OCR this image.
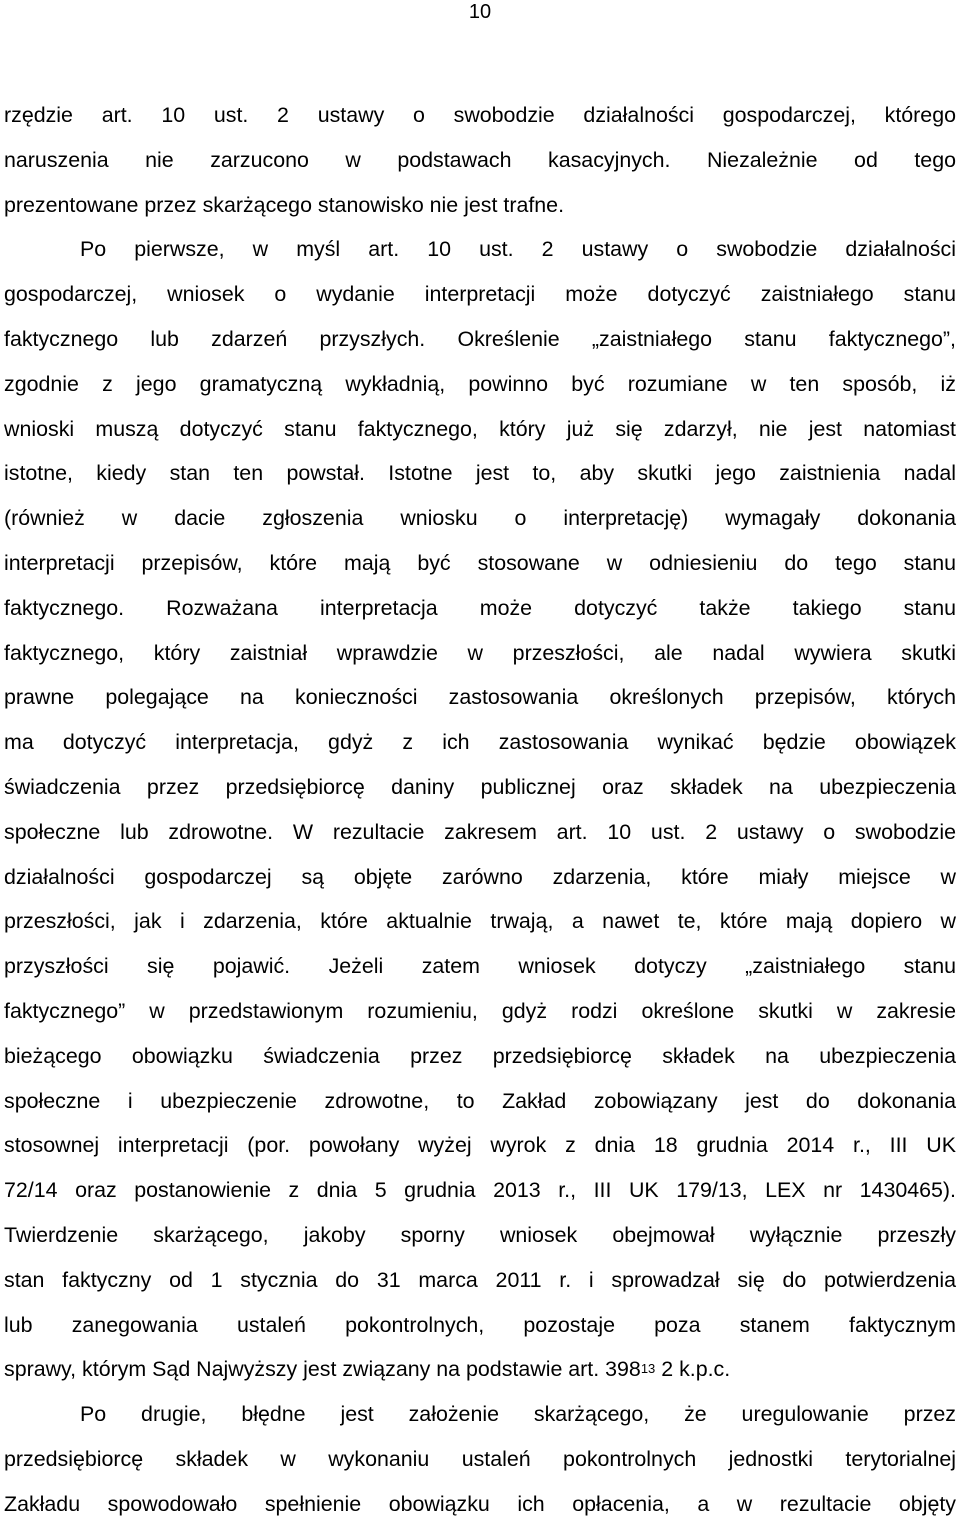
10
rzędzie art. 10 ust. 2 ustawy o swobodzie działalności gospodarczej, którego
naruszenia nie zarzucono w podstawach kasacyjnych. Niezależnie od tego
prezentowane przez skarżącego stanowisko nie jest trafne.
Po pierwsze, w myśl art. 10 ust. 2 ustawy o swobodzie działalności
gospodarczej, wniosek o wydanie interpretacji może dotyczyć zaistniałego stanu
faktycznego lub zdarzeń przyszłych. Określenie „zaistniałego stanu faktycznego”,
zgodnie z jego gramatyczną wykładnią, powinno być rozumiane w ten sposób, iż
wnioski muszą dotyczyć stanu faktycznego, który już się zdarzył, nie jest natomiast
istotne, kiedy stan ten powstał. Istotne jest to, aby skutki jego zaistnienia nadal
(również w dacie zgłoszenia wniosku o interpretację) wymagały dokonania
interpretacji przepisów, które mają być stosowane w odniesieniu do tego stanu
faktycznego. Rozważana interpretacja może dotyczyć także takiego stanu
faktycznego, który zaistniał wprawdzie w przeszłości, ale nadal wywiera skutki
prawne polegające na konieczności zastosowania określonych przepisów, których
ma dotyczyć interpretacja, gdyż z ich zastosowania wynikać będzie obowiązek
świadczenia przez przedsiębiorcę daniny publicznej oraz składek na ubezpieczenia
społeczne lub zdrowotne. W rezultacie zakresem art. 10 ust. 2 ustawy o swobodzie
działalności gospodarczej są objęte zarówno zdarzenia, które miały miejsce w
przeszłości, jak i zdarzenia, które aktualnie trwają, a nawet te, które mają dopiero w
przyszłości się pojawić. Jeżeli zatem wniosek dotyczy „zaistniałego stanu
faktycznego” w przedstawionym rozumieniu, gdyż rodzi określone skutki w zakresie
bieżącego obowiązku świadczenia przez przedsiębiorcę składek na ubezpieczenia
społeczne i ubezpieczenie zdrowotne, to Zakład zobowiązany jest do dokonania
stosownej interpretacji (por. powołany wyżej wyrok z dnia 18 grudnia 2014 r., III UK
72/14 oraz postanowienie z dnia 5 grudnia 2013 r., III UK 179/13, LEX nr 1430465).
Twierdzenie skarżącego, jakoby sporny wniosek obejmował wyłącznie przeszły
stan faktyczny od 1 stycznia do 31 marca 2011 r. i sprowadzał się do potwierdzenia
lub zanegowania ustaleń pokontrolnych, pozostaje poza stanem faktycznym
sprawy, którym Sąd Najwyższy jest związany na podstawie art. $398^{13}$ 2 k.p.c.
Po drugie, błędne jest założenie skarżącego, że uregulowanie przez
przedsiębiorcę składek w wykonaniu ustaleń pokontrolnych jednostki terytorialnej
Zakładu spowodowało spełnienie obowiązku ich opłacenia, a w rezultacie objęty
